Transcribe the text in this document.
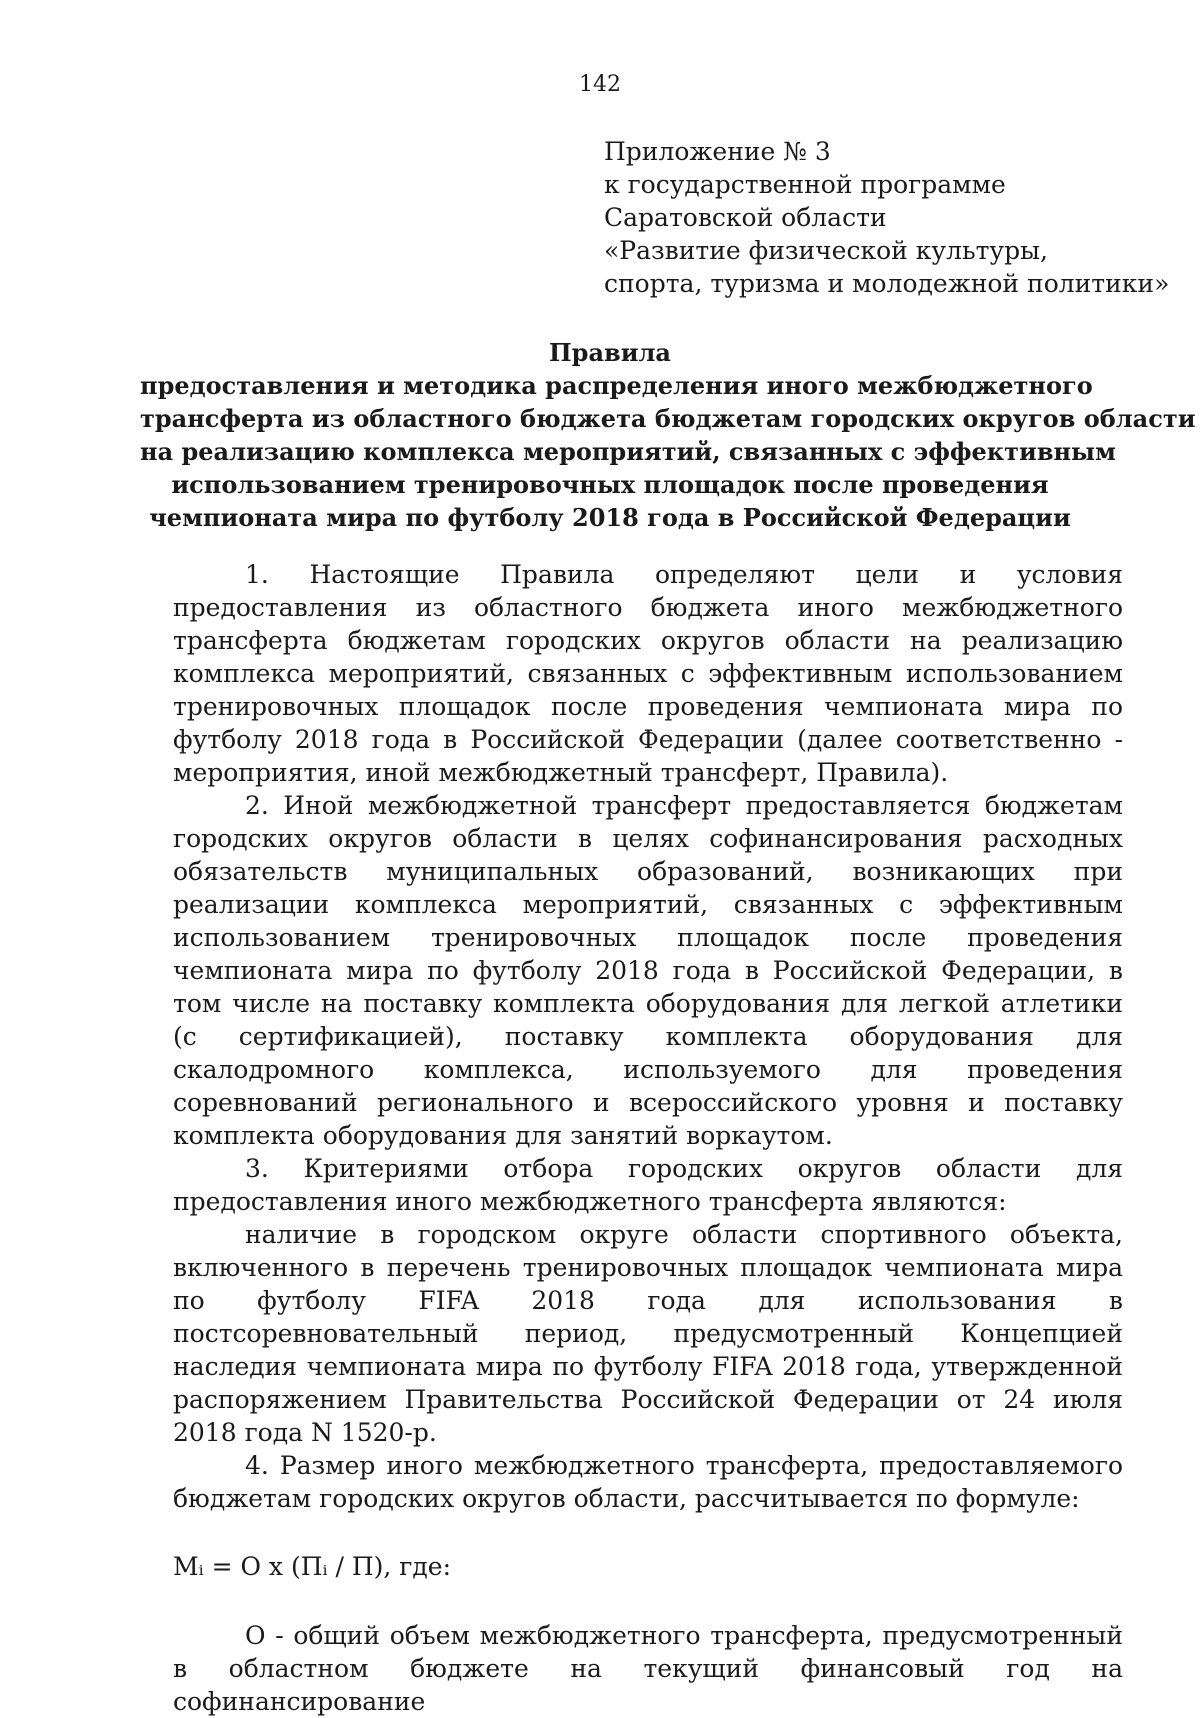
142
Приложение № 3
к государственной программе
Саратовской области
«Развитие физической культуры,
спорта, туризма и молодежной политики»
Правила
предоставления и методика распределения иного межбюджетного
трансферта из областного бюджета бюджетам городских округов области
на реализацию комплекса мероприятий, связанных с эффективным
использованием тренировочных площадок после проведения
чемпионата мира по футболу 2018 года в Российской Федерации

1. Настоящие Правила определяют цели и условия предоставления из областного бюджета иного межбюджетного трансферта бюджетам городских округов области на реализацию комплекса мероприятий, связанных с эффективным использованием тренировочных площадок после проведения чемпионата мира по футболу 2018 года в Российской Федерации (далее соответственно - мероприятия, иной межбюджетный трансферт, Правила).

2. Иной межбюджетной трансферт предоставляется бюджетам городских округов области в целях софинансирования расходных обязательств муниципальных образований, возникающих при реализации комплекса мероприятий, связанных с эффективным использованием тренировочных площадок после проведения чемпионата мира по футболу 2018 года в Российской Федерации, в том числе на поставку комплекта оборудования для легкой атлетики (с сертификацией), поставку комплекта оборудования для скалодромного комплекса, используемого для проведения соревнований регионального и всероссийского уровня и поставку комплекта оборудования для занятий воркаутом.

3. Критериями отбора городских округов области для предоставления иного межбюджетного трансферта являются:

наличие в городском округе области спортивного объекта, включенного в перечень тренировочных площадок чемпионата мира по футболу FIFA 2018 года для использования в постсоревновательный период, предусмотренный Концепцией наследия чемпионата мира по футболу FIFA 2018 года, утвержденной распоряжением Правительства Российской Федерации от 24 июля 2018 года N 1520-р.

4. Размер иного межбюджетного трансферта, предоставляемого бюджетам городских округов области, рассчитывается по формуле:

Mᵢ = О х (Пᵢ / П), где:

О - общий объем межбюджетного трансферта, предусмотренный в областном бюджете на текущий финансовый год на софинансирование
